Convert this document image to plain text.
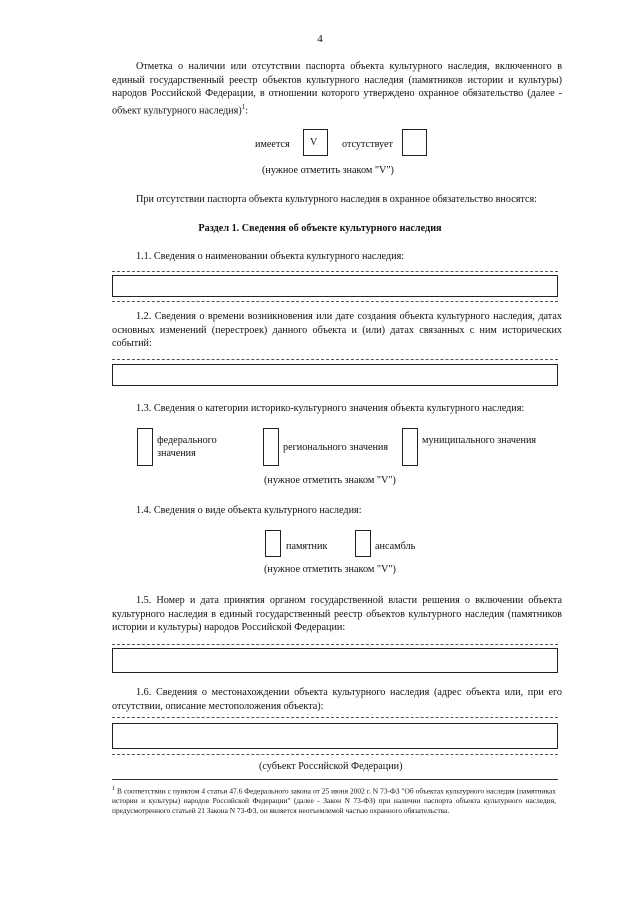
4
Отметка о наличии или отсутствии паспорта объекта культурного наследия, включенного в единый государственный реестр объектов культурного наследия (памятников истории и культуры) народов Российской Федерации, в отношении которого утверждено охранное обязательство (далее - объект культурного наследия)$^1$:
имеется V отсутствует
(нужное отметить знаком "V")
При отсутствии паспорта объекта культурного наследия в охранное обязательство вносятся:
Раздел 1. Сведения об объекте культурного наследия
1.1. Сведения о наименовании объекта культурного наследия:
1.2. Сведения о времени возникновения или дате создания объекта культурного наследия, датах основных изменений (перестроек) данного объекта и (или) датах связанных с ним исторических событий:
1.3. Сведения о категории историко-культурного значения объекта культурного наследия:
федерального
значения
регионального значения
муниципального значения
(нужное отметить знаком "V")
1.4. Сведения о виде объекта культурного наследия:
памятник	ансамбль
(нужное отметить знаком "V")
1.5. Номер и дата принятия органом государственной власти решения о включении объекта культурного наследия в единый государственный реестр объектов культурного наследия (памятников истории и культуры) народов Российской Федерации:
1.6. Сведения о местонахождении объекта культурного наследия (адрес объекта или, при его отсутствии, описание местоположения объекта):
(субъект Российской Федерации)
$^1$ В соответствии с пунктом 4 статьи 47.6 Федерального закона от 25 июня 2002 г. N 73-ФЗ "Об объектах культурного наследия (памятниках истории и культуры) народов Российской Федерации" (далее - Закон N 73-ФЗ) при наличии паспорта объекта культурного наследия, предусмотренного статьей 21 Закона N 73-ФЗ, он является неотъемлемой частью охранного обязательства.
